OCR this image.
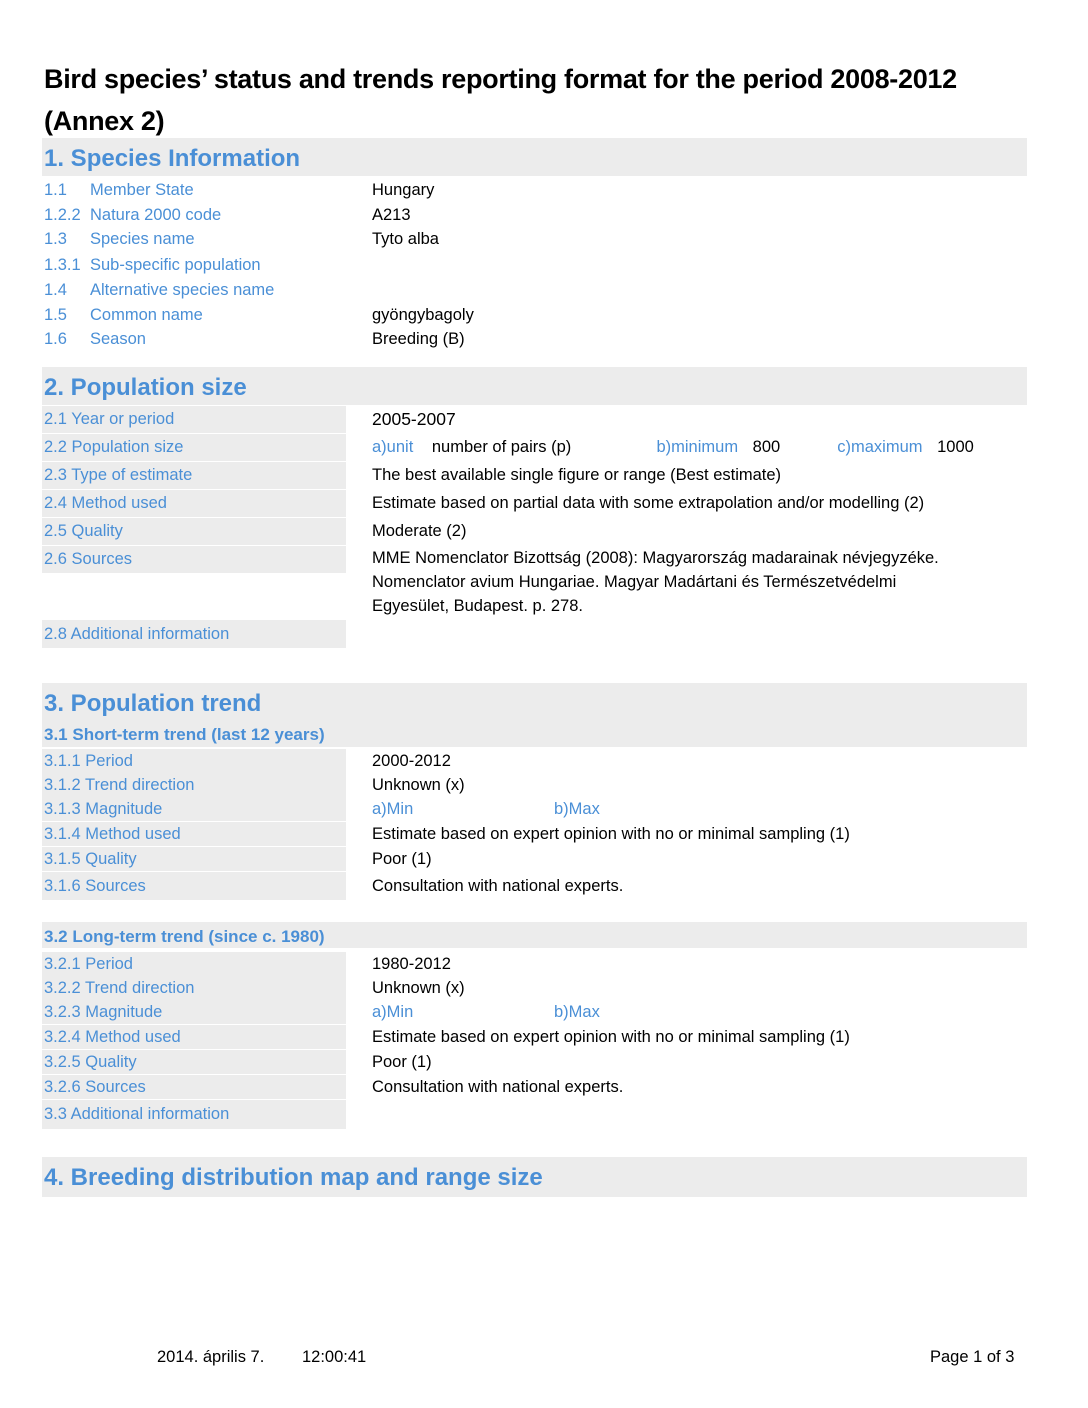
Bird species’ status and trends reporting format for the period 2008-2012
(Annex 2)
1. Species Information
1.1 Member State	Hungary
1.2.2 Natura 2000 code	A213
1.3 Species name	Tyto alba
1.3.1 Sub-specific population
1.4 Alternative species name
1.5 Common name	gyöngybagoly
1.6 Season	Breeding (B)
2. Population size
2.1 Year or period	2005-2007
2.2 Population size	a)unit number of pairs (p)	b)minimum 800	c)maximum 1000
2.3 Type of estimate	The best available single figure or range (Best estimate)
2.4 Method used	Estimate based on partial data with some extrapolation and/or modelling (2)
2.5 Quality	Moderate (2)
2.6 Sources	MME Nomenclator Bizottság (2008): Magyarország madarainak névjegyzéke.
Nomenclator avium Hungariae. Magyar Madártani és Természetvédelmi
Egyesület, Budapest. p. 278.
2.8 Additional information
3. Population trend
3.1 Short-term trend (last 12 years)
3.1.1 Period	2000-2012
3.1.2 Trend direction	Unknown (x)
3.1.3 Magnitude	a)Min	b)Max
3.1.4 Method used	Estimate based on expert opinion with no or minimal sampling (1)
3.1.5 Quality	Poor (1)
3.1.6 Sources	Consultation with national experts.
3.2 Long-term trend (since c. 1980)
3.2.1 Period	1980-2012
3.2.2 Trend direction	Unknown (x)
3.2.3 Magnitude	a)Min	b)Max
3.2.4 Method used	Estimate based on expert opinion with no or minimal sampling (1)
3.2.5 Quality	Poor (1)
3.2.6 Sources	Consultation with national experts.
3.3 Additional information
4. Breeding distribution map and range size
2014. április 7. 12:00:41	Page 1 of 3
